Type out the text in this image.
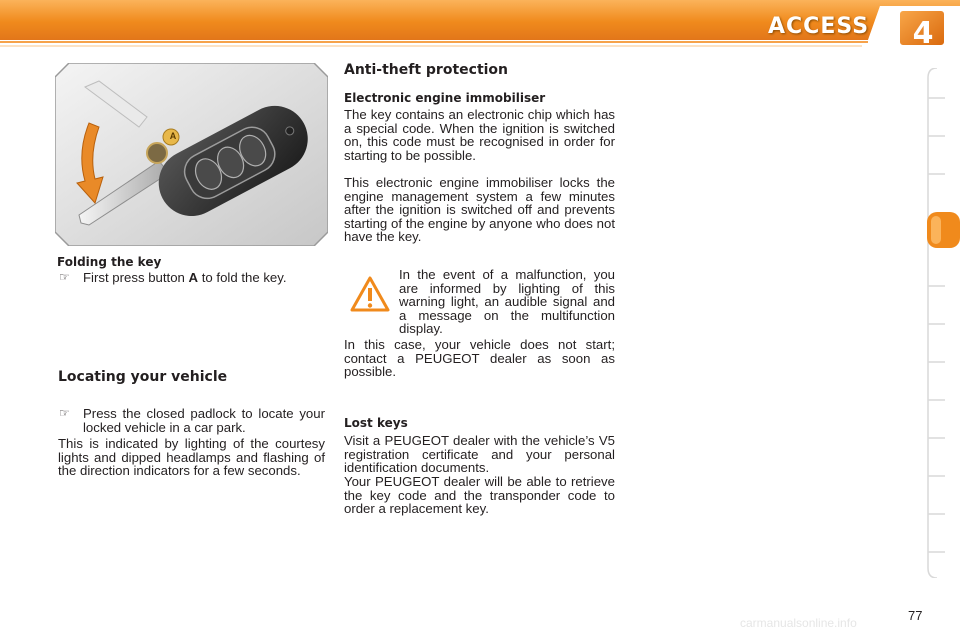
ACCESS 4
A
Folding the key
☞ First press button A to fold the key.
Locating your vehicle
☞ Press the closed padlock to locate your locked vehicle in a car park.
This is indicated by lighting of the courtesy lights and dipped headlamps and flashing of the direction indicators for a few seconds.
Anti-theft protection
Electronic engine immobiliser
The key contains an electronic chip which has a special code. When the ignition is switched on, this code must be recognised in order for starting to be possible.
This electronic engine immobiliser locks the engine management system a few minutes after the ignition is switched off and prevents starting of the engine by anyone who does not have the key.
In the event of a malfunction, you are informed by lighting of this warning light, an audible signal and a message on the multifunction display.
In this case, your vehicle does not start; contact a PEUGEOT dealer as soon as possible.
Lost keys
Visit a PEUGEOT dealer with the vehicle’s V5 registration certificate and your personal identification documents.
Your PEUGEOT dealer will be able to retrieve the key code and the transponder code to order a replacement key.
77
carmanualsonline.info
